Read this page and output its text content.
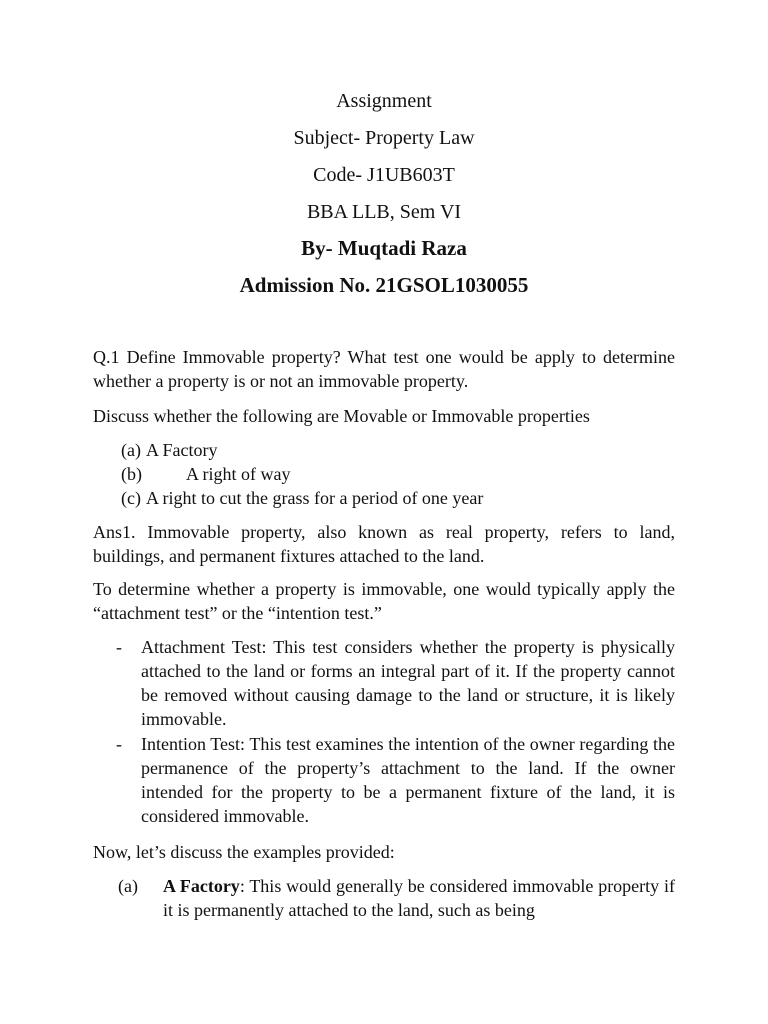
Assignment
Subject- Property Law
Code- J1UB603T
BBA LLB, Sem VI
By- Muqtadi Raza
Admission No. 21GSOL1030055
Q.1 Define Immovable property? What test one would be apply to determine whether a property is or not an immovable property.
Discuss whether the following are Movable or Immovable properties
(a) A Factory
(b) A right of way
(c) A right to cut the grass for a period of one year
Ans1. Immovable property, also known as real property, refers to land, buildings, and permanent fixtures attached to the land.
To determine whether a property is immovable, one would typically apply the “attachment test” or the “intention test.”
- Attachment Test: This test considers whether the property is physically attached to the land or forms an integral part of it. If the property cannot be removed without causing damage to the land or structure, it is likely immovable.
- Intention Test: This test examines the intention of the owner regarding the permanence of the property’s attachment to the land. If the owner intended for the property to be a permanent fixture of the land, it is considered immovable.
Now, let’s discuss the examples provided:
(a) A Factory: This would generally be considered immovable property if it is permanently attached to the land, such as being
